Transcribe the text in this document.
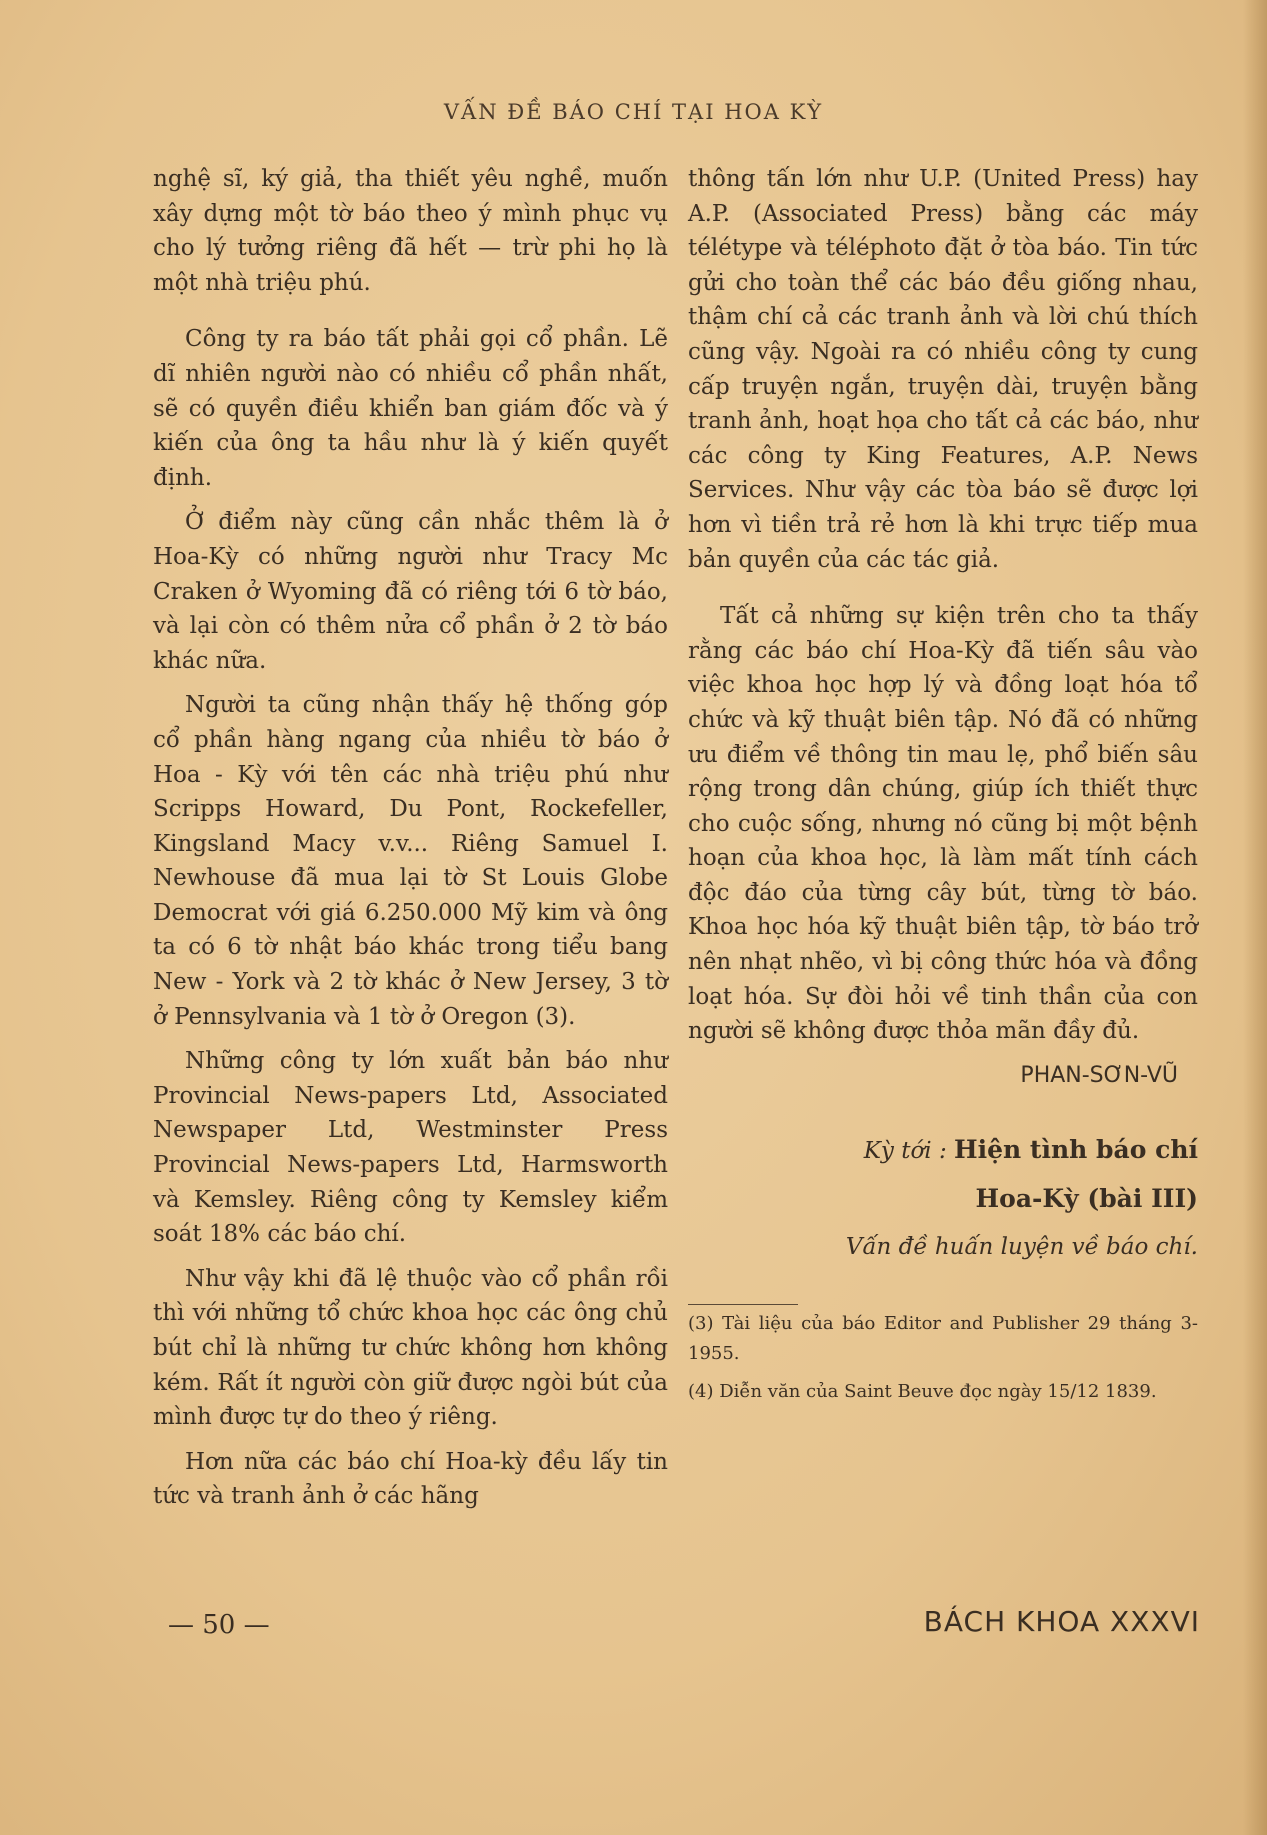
VẤN ĐỀ BÁO CHÍ TẠI HOA KỲ

nghệ sĩ, ký giả, tha thiết yêu nghề, muốn xây dựng một tờ báo theo ý mình phục vụ cho lý tưởng riêng đã hết — trừ phi họ là một nhà triệu phú.

Công ty ra báo tất phải gọi cổ phần. Lẽ dĩ nhiên người nào có nhiều cổ phần nhất, sẽ có quyền điều khiển ban giám đốc và ý kiến của ông ta hầu như là ý kiến quyết định.

Ở điểm này cũng cần nhắc thêm là ở Hoa-Kỳ có những người như Tracy Mc Craken ở Wyoming đã có riêng tới 6 tờ báo, và lại còn có thêm nửa cổ phần ở 2 tờ báo khác nữa.

Người ta cũng nhận thấy hệ thống góp cổ phần hàng ngang của nhiều tờ báo ở Hoa - Kỳ với tên các nhà triệu phú như Scripps Howard, Du Pont, Rockefeller, Kingsland Macy v.v... Riêng Samuel I. Newhouse đã mua lại tờ St Louis Globe Democrat với giá 6.250.000 Mỹ kim và ông ta có 6 tờ nhật báo khác trong tiểu bang New - York và 2 tờ khác ở New Jersey, 3 tờ ở Pennsylvania và 1 tờ ở Oregon (3).

Những công ty lớn xuất bản báo như Provincial News-papers Ltd, Associated Newspaper Ltd, Westminster Press Provincial News-papers Ltd, Harmsworth và Kemsley. Riêng công ty Kemsley kiểm soát 18% các báo chí.

Như vậy khi đã lệ thuộc vào cổ phần rồi thì với những tổ chức khoa học các ông chủ bút chỉ là những tư chức không hơn không kém. Rất ít người còn giữ được ngòi bút của mình được tự do theo ý riêng.

Hơn nữa các báo chí Hoa-kỳ đều lấy tin tức và tranh ảnh ở các hãng

thông tấn lớn như U.P. (United Press) hay A.P. (Associated Press) bằng các máy télétype và téléphoto đặt ở tòa báo. Tin tức gửi cho toàn thể các báo đều giống nhau, thậm chí cả các tranh ảnh và lời chú thích cũng vậy. Ngoài ra có nhiều công ty cung cấp truyện ngắn, truyện dài, truyện bằng tranh ảnh, hoạt họa cho tất cả các báo, như các công ty King Features, A.P. News Services. Như vậy các tòa báo sẽ được lợi hơn vì tiền trả rẻ hơn là khi trực tiếp mua bản quyền của các tác giả.

Tất cả những sự kiện trên cho ta thấy rằng các báo chí Hoa-Kỳ đã tiến sâu vào việc khoa học hợp lý và đồng loạt hóa tổ chức và kỹ thuật biên tập. Nó đã có những ưu điểm về thông tin mau lẹ, phổ biến sâu rộng trong dân chúng, giúp ích thiết thực cho cuộc sống, nhưng nó cũng bị một bệnh hoạn của khoa học, là làm mất tính cách độc đáo của từng cây bút, từng tờ báo. Khoa học hóa kỹ thuật biên tập, tờ báo trở nên nhạt nhẽo, vì bị công thức hóa và đồng loạt hóa. Sự đòi hỏi về tinh thần của con người sẽ không được thỏa mãn đầy đủ.

PHAN-SƠN-VŨ

Kỳ tới : Hiện tình báo chí

Hoa-Kỳ (bài III)

Vấn đề huấn luyện về báo chí.

(3) Tài liệu của báo Editor and Publisher 29 tháng 3-1955.

(4) Diễn văn của Saint Beuve đọc ngày 15/12 1839.

— 50 —	BÁCH KHOA XXXVI
